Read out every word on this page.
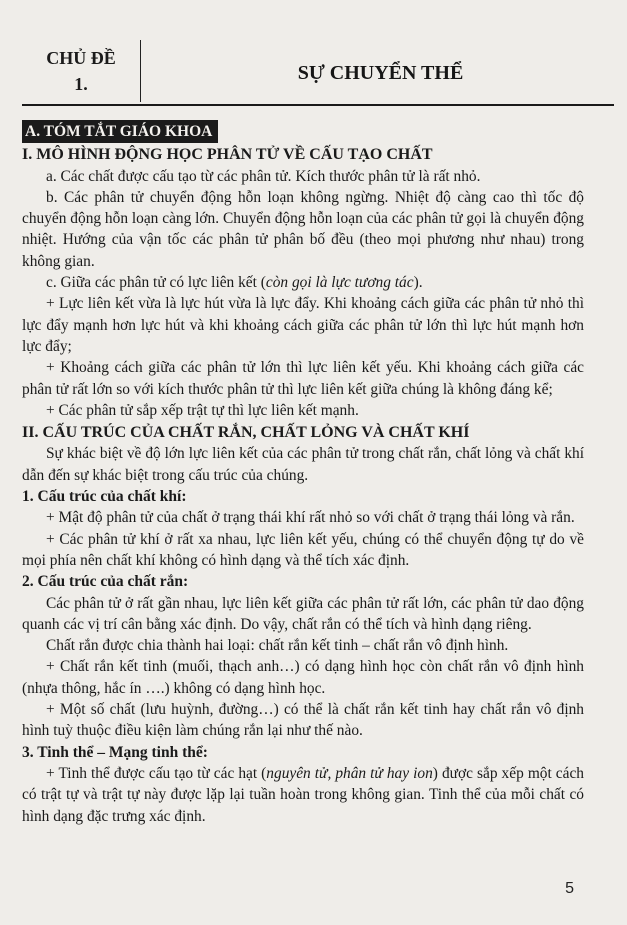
CHỦ ĐỀ
1.
SỰ CHUYỂN THỂ
A. TÓM TẮT GIÁO KHOA
I. MÔ HÌNH ĐỘNG HỌC PHÂN TỬ VỀ CẤU TẠO CHẤT
a. Các chất được cấu tạo từ các phân tử. Kích thước phân tử là rất nhỏ.
b. Các phân tử chuyển động hỗn loạn không ngừng. Nhiệt độ càng cao thì tốc độ chuyển động hỗn loạn càng lớn. Chuyển động hỗn loạn của các phân tử gọi là chuyển động nhiệt. Hướng của vận tốc các phân tử phân bố đều (theo mọi phương như nhau) trong không gian.
c. Giữa các phân tử có lực liên kết (còn gọi là lực tương tác).
+ Lực liên kết vừa là lực hút vừa là lực đẩy. Khi khoảng cách giữa các phân tử nhỏ thì lực đẩy mạnh hơn lực hút và khi khoảng cách giữa các phân tử lớn thì lực hút mạnh hơn lực đẩy;
+ Khoảng cách giữa các phân tử lớn thì lực liên kết yếu. Khi khoảng cách giữa các phân tử rất lớn so với kích thước phân tử thì lực liên kết giữa chúng là không đáng kể;
+ Các phân tử sắp xếp trật tự thì lực liên kết mạnh.
II. CẤU TRÚC CỦA CHẤT RẮN, CHẤT LỎNG VÀ CHẤT KHÍ
Sự khác biệt về độ lớn lực liên kết của các phân tử trong chất rắn, chất lỏng và chất khí dẫn đến sự khác biệt trong cấu trúc của chúng.
1. Cấu trúc của chất khí:
+ Mật độ phân tử của chất ở trạng thái khí rất nhỏ so với chất ở trạng thái lỏng và rắn.
+ Các phân tử khí ở rất xa nhau, lực liên kết yếu, chúng có thể chuyển động tự do về mọi phía nên chất khí không có hình dạng và thể tích xác định.
2. Cấu trúc của chất rắn:
Các phân tử ở rất gần nhau, lực liên kết giữa các phân tử rất lớn, các phân tử dao động quanh các vị trí cân bằng xác định. Do vậy, chất rắn có thể tích và hình dạng riêng.
Chất rắn được chia thành hai loại: chất rắn kết tinh – chất rắn vô định hình.
+ Chất rắn kết tinh (muối, thạch anh…) có dạng hình học còn chất rắn vô định hình (nhựa thông, hắc ín ….) không có dạng hình học.
+ Một số chất (lưu huỳnh, đường…) có thể là chất rắn kết tinh hay chất rắn vô định hình tuỳ thuộc điều kiện làm chúng rắn lại như thế nào.
3. Tinh thể – Mạng tinh thể:
+ Tinh thể được cấu tạo từ các hạt (nguyên tử, phân tử hay ion) được sắp xếp một cách có trật tự và trật tự này được lặp lại tuần hoàn trong không gian. Tinh thể của mỗi chất có hình dạng đặc trưng xác định.
5
